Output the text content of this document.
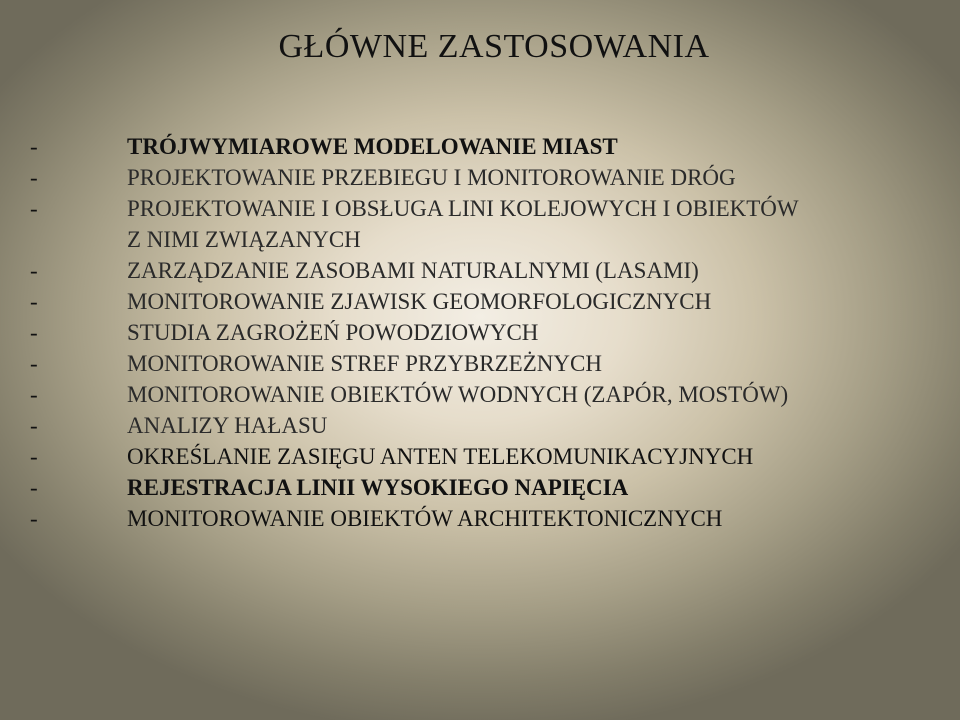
GŁÓWNE ZASTOSOWANIA
-	TRÓJWYMIAROWE MODELOWANIE MIAST
-	PROJEKTOWANIE PRZEBIEGU I MONITOROWANIE DRÓG
-	PROJEKTOWANIE I OBSŁUGA LINI KOLEJOWYCH I OBIEKTÓW
Z NIMI ZWIĄZANYCH
-	ZARZĄDZANIE ZASOBAMI NATURALNYMI (LASAMI)
-	MONITOROWANIE ZJAWISK GEOMORFOLOGICZNYCH
-	STUDIA ZAGROŻEŃ POWODZIOWYCH
-	MONITOROWANIE STREF PRZYBRZEŻNYCH
-	MONITOROWANIE OBIEKTÓW WODNYCH (ZAPÓR, MOSTÓW)
-	ANALIZY HAŁASU
-	OKREŚLANIE ZASIĘGU ANTEN TELEKOMUNIKACYJNYCH
-	REJESTRACJA LINII WYSOKIEGO NAPIĘCIA
-	MONITOROWANIE OBIEKTÓW ARCHITEKTONICZNYCH
